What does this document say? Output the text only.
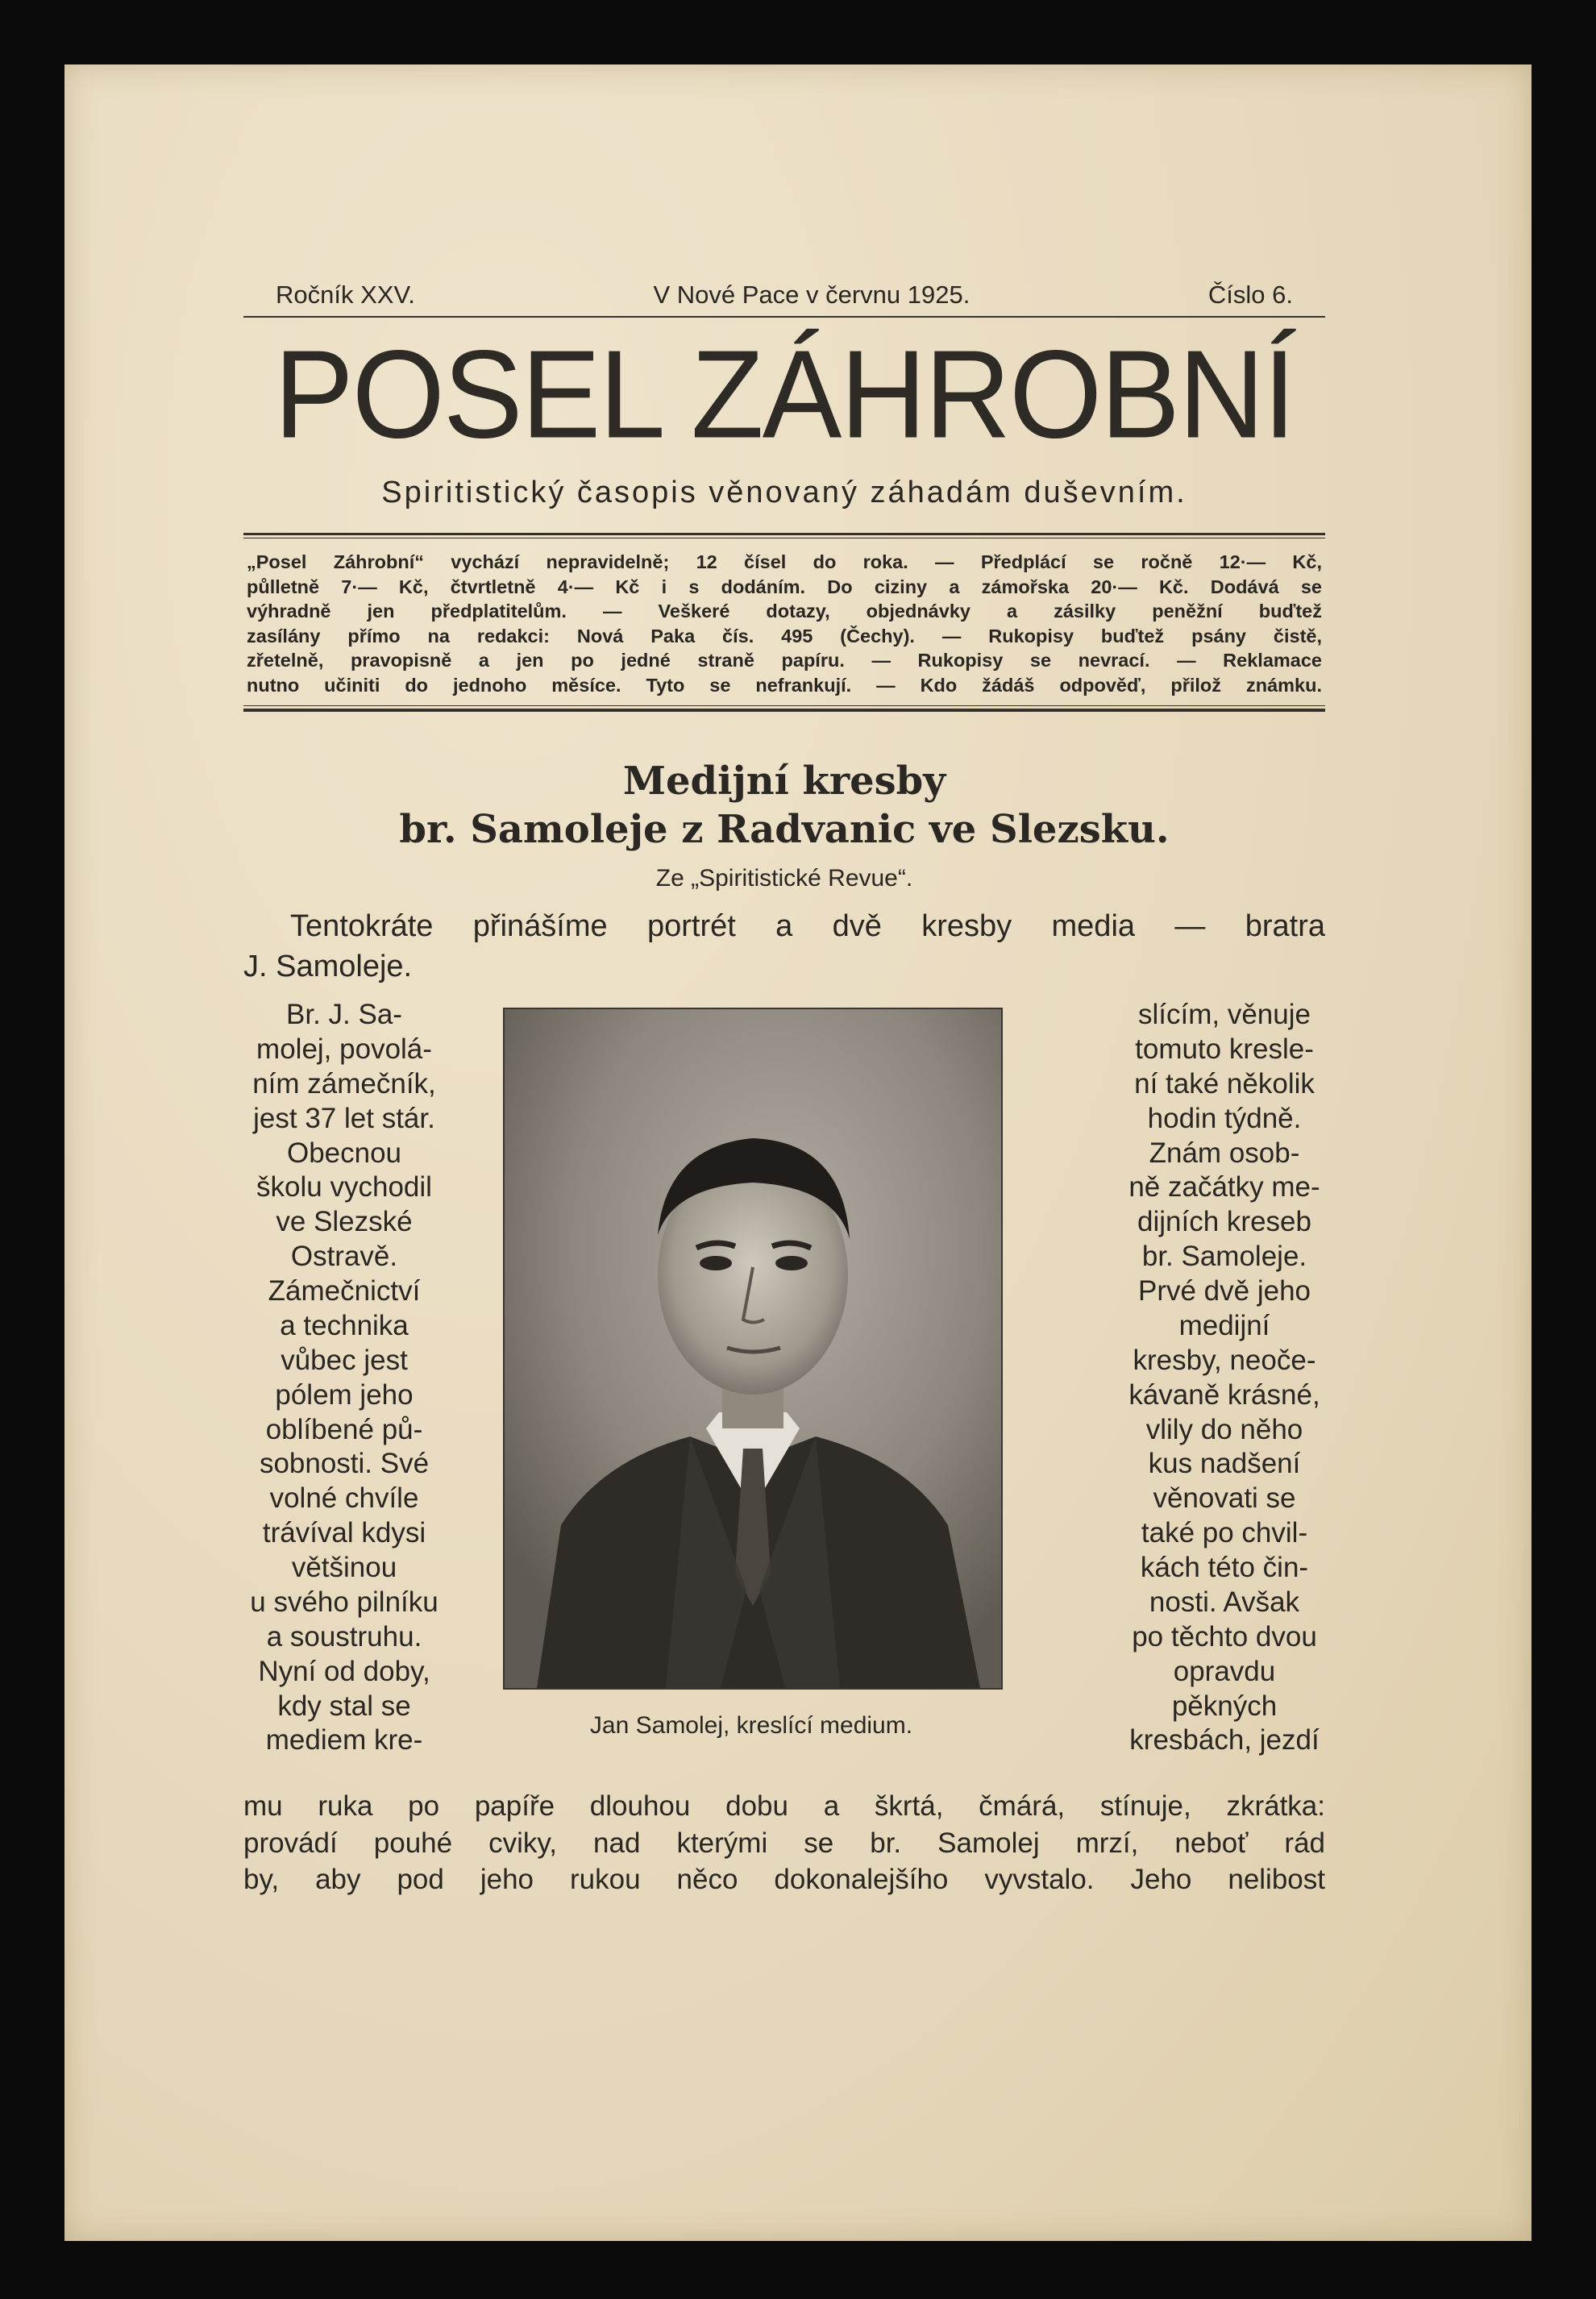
Ročník XXV.	V Nové Pace v červnu 1925.	Číslo 6.
POSEL ZÁHROBNÍ
Spiritistický časopis věnovaný záhadám duševním.

„Posel Záhrobní“ vychází nepravidelně; 12 čísel do roka. — Předplácí se ročně 12·— Kč,

půlletně 7·— Kč, čtvrtletně 4·— Kč i s dodáním. Do ciziny a zámořska 20·— Kč. Dodává se

výhradně jen předplatitelům. — Veškeré dotazy, objednávky a zásilky peněžní buďtež

zasílány přímo na redakci: Nová Paka čís. 495 (Čechy). — Rukopisy buďtež psány čistě,

zřetelně, pravopisně a jen po jedné straně papíru. — Rukopisy se nevrací. — Reklamace

nutno učiniti do jednoho měsíce. Tyto se nefrankují. — Kdo žádáš odpověď, přilož známku.

Medijní kresby
br. Samoleje z Radvanic ve Slezsku.
Ze „Spiritistické Revue“.
Tentokráte přinášíme portrét a dvě kresby media — bratra
J. Samoleje.
Br. J. Sa-
molej, povolá-
ním zámečník,
jest 37 let stár.
Obecnou
školu vychodil
ve Slezské
Ostravě.
Zámečnictví
a technika
vůbec jest
pólem jeho
oblíbené pů-
sobnosti. Své
volné chvíle
trávíval kdysi
většinou
u svého pilníku
a soustruhu.
Nyní od doby,
kdy stal se
mediem kre-	Jan Samolej, kreslící medium.
slícím, věnuje
tomuto kresle-
ní také několik
hodin týdně.
Znám osob-
ně začátky me-
dijních kreseb
br. Samoleje.
Prvé dvě jeho
medijní
kresby, neoče-
kávaně krásné,
vlily do něho
kus nadšení
věnovati se
také po chvil-
kách této čin-
nosti. Avšak
po těchto dvou
opravdu
pěkných
kresbách, jezdí

mu ruka po papíře dlouhou dobu a škrtá, čmárá, stínuje, zkrátka:

provádí pouhé cviky, nad kterými se br. Samolej mrzí, neboť rád

by, aby pod jeho rukou něco dokonalejšího vyvstalo. Jeho nelibost
